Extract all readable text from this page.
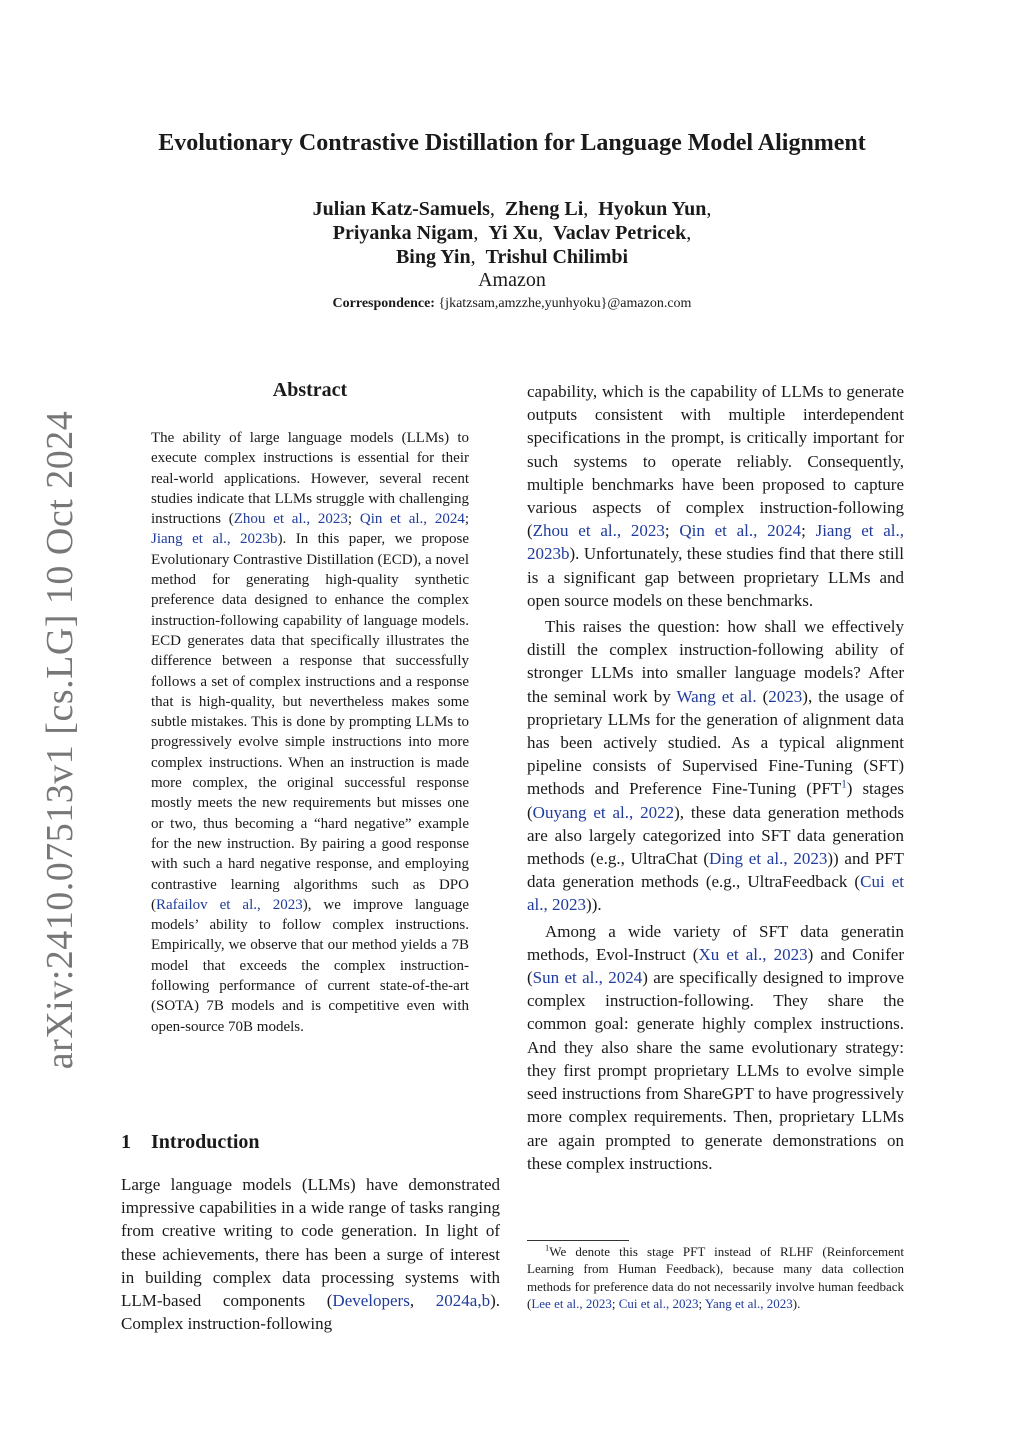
arXiv:2410.07513v1 [cs.LG] 10 Oct 2024
Evolutionary Contrastive Distillation for Language Model Alignment
Julian Katz-Samuels,  Zheng Li,  Hyokun Yun,
Priyanka Nigam,  Yi Xu,  Vaclav Petricek,
Bing Yin,  Trishul Chilimbi
Amazon
Correspondence: {jkatzsam,amzzhe,yunhyoku}@amazon.com
Abstract
The ability of large language models (LLMs) to execute complex instructions is essential for their real-world applications. However, several recent studies indicate that LLMs struggle with challenging instructions (Zhou et al., 2023; Qin et al., 2024; Jiang et al., 2023b). In this paper, we propose Evolutionary Contrastive Distillation (ECD), a novel method for generating high-quality synthetic preference data designed to enhance the complex instruction-following capability of language models. ECD generates data that specifically illustrates the difference between a response that successfully follows a set of complex instructions and a response that is high-quality, but nevertheless makes some subtle mistakes. This is done by prompting LLMs to progressively evolve simple instructions into more complex instructions. When an instruction is made more complex, the original successful response mostly meets the new requirements but misses one or two, thus becoming a “hard negative” example for the new instruction. By pairing a good response with such a hard negative response, and employing contrastive learning algorithms such as DPO (Rafailov et al., 2023), we improve language models’ ability to follow complex instructions. Empirically, we observe that our method yields a 7B model that exceeds the complex instruction-following performance of current state-of-the-art (SOTA) 7B models and is competitive even with open-source 70B models.
1 Introduction
Large language models (LLMs) have demonstrated impressive capabilities in a wide range of tasks ranging from creative writing to code generation. In light of these achievements, there has been a surge of interest in building complex data processing systems with LLM-based components (Developers, 2024a,b). Complex instruction-following

capability, which is the capability of LLMs to generate outputs consistent with multiple interdependent specifications in the prompt, is critically important for such systems to operate reliably. Consequently, multiple benchmarks have been proposed to capture various aspects of complex instruction-following (Zhou et al., 2023; Qin et al., 2024; Jiang et al., 2023b). Unfortunately, these studies find that there still is a significant gap between proprietary LLMs and open source models on these benchmarks.

This raises the question: how shall we effectively distill the complex instruction-following ability of stronger LLMs into smaller language models? After the seminal work by Wang et al. (2023), the usage of proprietary LLMs for the generation of alignment data has been actively studied. As a typical alignment pipeline consists of Supervised Fine-Tuning (SFT) methods and Preference Fine-Tuning (PFT$^1$) stages (Ouyang et al., 2022), these data generation methods are also largely categorized into SFT data generation methods (e.g., UltraChat (Ding et al., 2023)) and PFT data generation methods (e.g., UltraFeedback (Cui et al., 2023)).

Among a wide variety of SFT data generatin methods, Evol-Instruct (Xu et al., 2023) and Conifer (Sun et al., 2024) are specifically designed to improve complex instruction-following. They share the common goal: generate highly complex instructions. And they also share the same evolutionary strategy: they first prompt proprietary LLMs to evolve simple seed instructions from ShareGPT to have progressively more complex requirements. Then, proprietary LLMs are again prompted to generate demonstrations on these complex instructions.

$^1$We denote this stage PFT instead of RLHF (Reinforcement Learning from Human Feedback), because many data collection methods for preference data do not necessarily involve human feedback (Lee et al., 2023; Cui et al., 2023; Yang et al., 2023).
